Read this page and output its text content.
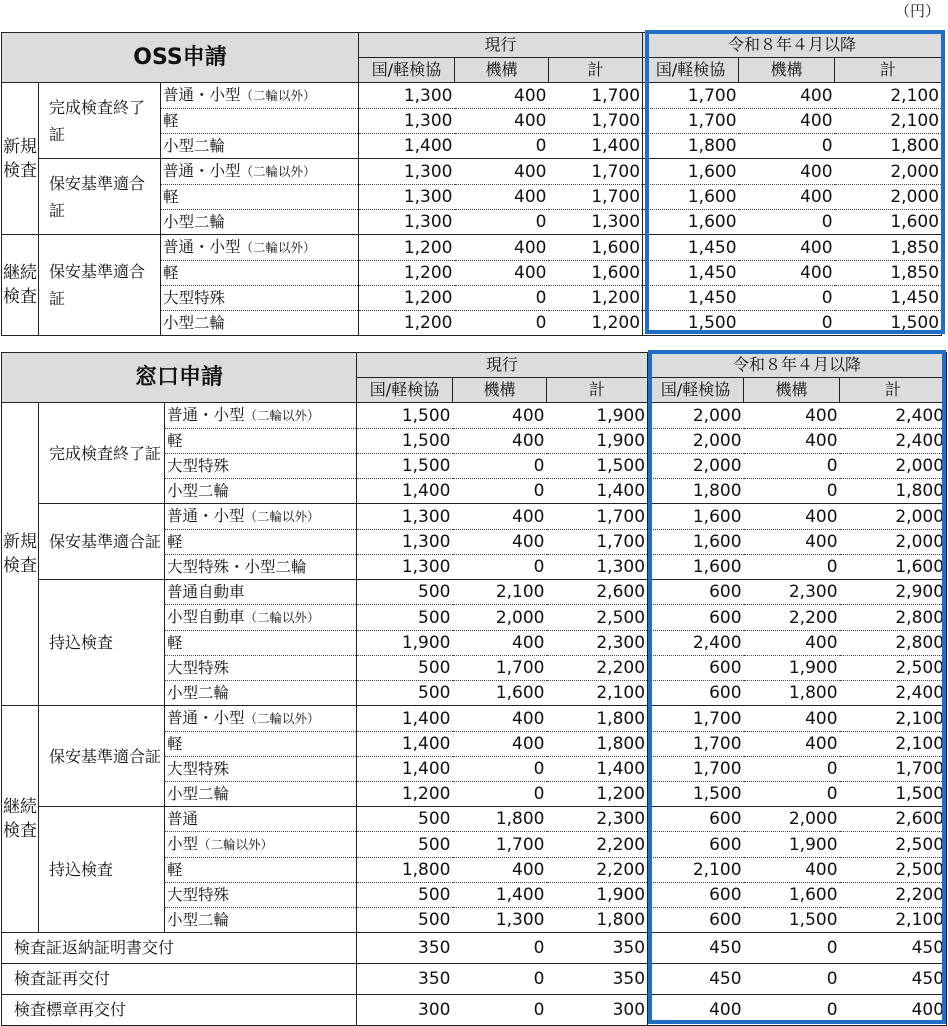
（円）
OSS申請			現行			令和８年４月以降		
			国/軽検協	機構	計	国/軽検協	機構	計
新規検査	完成検査終了証	普通・小型（二輪以外）	1,300	400	1,700	1,700	400	2,100
		軽	1,300	400	1,700	1,700	400	2,100
		小型二輪	1,400	0	1,400	1,800	0	1,800
	保安基準適合証	普通・小型（二輪以外）	1,300	400	1,700	1,600	400	2,000
		軽	1,300	400	1,700	1,600	400	2,000
		小型二輪	1,300	0	1,300	1,600	0	1,600
継続検査	保安基準適合証	普通・小型（二輪以外）	1,200	400	1,600	1,450	400	1,850
		軽	1,200	400	1,600	1,450	400	1,850
		大型特殊	1,200	0	1,200	1,450	0	1,450
		小型二輪	1,200	0	1,200	1,500	0	1,500
窓口申請			現行			令和８年４月以降		
			国/軽検協	機構	計	国/軽検協	機構	計
新規検査	完成検査終了証	普通・小型（二輪以外）	1,500	400	1,900	2,000	400	2,400
		軽	1,500	400	1,900	2,000	400	2,400
		大型特殊	1,500	0	1,500	2,000	0	2,000
		小型二輪	1,400	0	1,400	1,800	0	1,800
	保安基準適合証	普通・小型（二輪以外）	1,300	400	1,700	1,600	400	2,000
		軽	1,300	400	1,700	1,600	400	2,000
		大型特殊・小型二輪	1,300	0	1,300	1,600	0	1,600
	持込検査	普通自動車	500	2,100	2,600	600	2,300	2,900
		小型自動車（二輪以外）	500	2,000	2,500	600	2,200	2,800
		軽	1,900	400	2,300	2,400	400	2,800
		大型特殊	500	1,700	2,200	600	1,900	2,500
		小型二輪	500	1,600	2,100	600	1,800	2,400
継続検査	保安基準適合証	普通・小型（二輪以外）	1,400	400	1,800	1,700	400	2,100
		軽	1,400	400	1,800	1,700	400	2,100
		大型特殊	1,400	0	1,400	1,700	0	1,700
		小型二輪	1,200	0	1,200	1,500	0	1,500
	持込検査	普通	500	1,800	2,300	600	2,000	2,600
		小型（二輪以外）	500	1,700	2,200	600	1,900	2,500
		軽	1,800	400	2,200	2,100	400	2,500
		大型特殊	500	1,400	1,900	600	1,600	2,200
		小型二輪	500	1,300	1,800	600	1,500	2,100
検査証返納証明書交付			350	0	350	450	0	450
検査証再交付			350	0	350	450	0	450
検査標章再交付			300	0	300	400	0	400
